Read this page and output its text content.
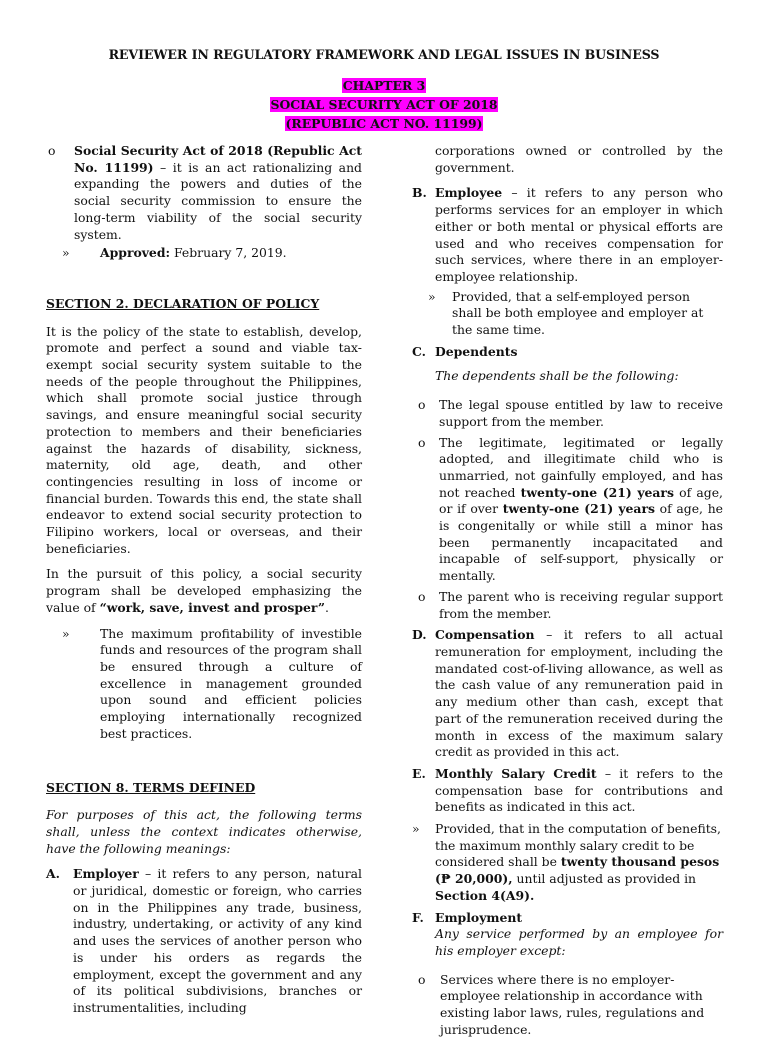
REVIEWER IN REGULATORY FRAMEWORK AND LEGAL ISSUES IN BUSINESS
CHAPTER 3
SOCIAL SECURITY ACT OF 2018
(REPUBLIC ACT NO. 11199)
o Social Security Act of 2018 (Republic Act No. 11199) – it is an act rationalizing and expanding the powers and duties of the social security commission to ensure the long-term viability of the social security system.

» Approved: February 7, 2019.

SECTION 2. DECLARATION OF POLICY

It is the policy of the state to establish, develop, promote and perfect a sound and viable tax-exempt social security system suitable to the needs of the people throughout the Philippines, which shall promote social justice through savings, and ensure meaningful social security protection to members and their beneficiaries against the hazards of disability, sickness, maternity, old age, death, and other contingencies resulting in loss of income or financial burden. Towards this end, the state shall endeavor to extend social security protection to Filipino workers, local or overseas, and their beneficiaries.

In the pursuit of this policy, a social security program shall be developed emphasizing the value of “work, save, invest and prosper”.

» The maximum profitability of investible funds and resources of the program shall be ensured through a culture of excellence in management grounded upon sound and efficient policies employing internationally recognized best practices.

SECTION 8. TERMS DEFINED

For purposes of this act, the following terms shall, unless the context indicates otherwise, have the following meanings:

A. Employer – it refers to any person, natural or juridical, domestic or foreign, who carries on in the Philippines any trade, business, industry, undertaking, or activity of any kind and uses the services of another person who is under his orders as regards the employment, except the government and any of its political subdivisions, branches or instrumentalities, including

corporations owned or controlled by the government.

B. Employee – it refers to any person who performs services for an employer in which either or both mental or physical efforts are used and who receives compensation for such services, where there in an employer-employee relationship.

» Provided, that a self-employed person shall be both employee and employer at the same time.

C. Dependents

The dependents shall be the following:

o The legal spouse entitled by law to receive support from the member.

o The legitimate, legitimated or legally adopted, and illegitimate child who is unmarried, not gainfully employed, and has not reached twenty-one (21) years of age, or if over twenty-one (21) years of age, he is congenitally or while still a minor has been permanently incapacitated and incapable of self-support, physically or mentally.

o The parent who is receiving regular support from the member.

D. Compensation – it refers to all actual remuneration for employment, including the mandated cost-of-living allowance, as well as the cash value of any remuneration paid in any medium other than cash, except that part of the remuneration received during the month in excess of the maximum salary credit as provided in this act.

E. Monthly Salary Credit – it refers to the compensation base for contributions and benefits as indicated in this act.

» Provided, that in the computation of benefits, the maximum monthly salary credit to be considered shall be twenty thousand pesos (₱ 20,000), until adjusted as provided in Section 4(A9).

F. Employment

Any service performed by an employee for his employer except:

o Services where there is no employer-employee relationship in accordance with existing labor laws, rules, regulations and jurisprudence.
